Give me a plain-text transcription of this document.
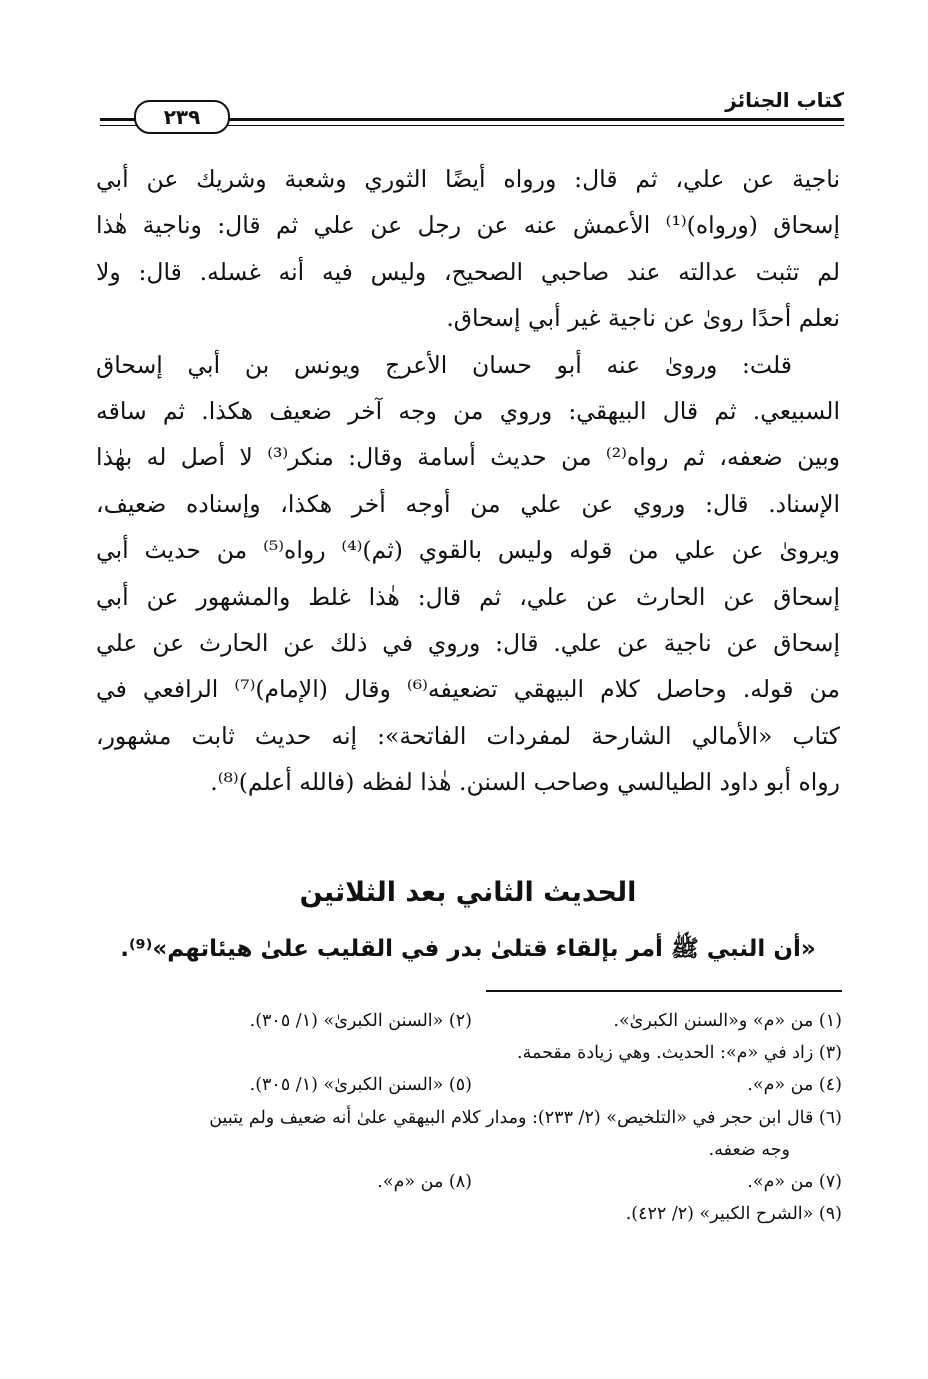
كتاب الجنائز
٢٣٩
ناجية عن علي، ثم قال: ورواه أيضًا الثوري وشعبة وشريك عن أبي
إسحاق (ورواه)⁽¹⁾ الأعمش عنه عن رجل عن علي ثم قال: وناجية هٰذا
لم تثبت عدالته عند صاحبي الصحيح، وليس فيه أنه غسله. قال: ولا
نعلم أحدًا روىٰ عن ناجية غير أبي إسحاق.
قلت: وروىٰ عنه أبو حسان الأعرج ويونس بن أبي إسحاق
السبيعي. ثم قال البيهقي: وروي من وجه آخر ضعيف هكذا. ثم ساقه
وبين ضعفه، ثم رواه⁽²⁾ من حديث أسامة وقال: منكر⁽³⁾ لا أصل له بهٰذا
الإسناد. قال: وروي عن علي من أوجه أخر هكذا، وإسناده ضعيف،
ويروىٰ عن علي من قوله وليس بالقوي (ثم)⁽⁴⁾ رواه⁽⁵⁾ من حديث أبي
إسحاق عن الحارث عن علي، ثم قال: هٰذا غلط والمشهور عن أبي
إسحاق عن ناجية عن علي. قال: وروي في ذلك عن الحارث عن علي
من قوله. وحاصل كلام البيهقي تضعيفه⁽⁶⁾ وقال (الإمام)⁽⁷⁾ الرافعي في
كتاب «الأمالي الشارحة لمفردات الفاتحة»: إنه حديث ثابت مشهور،
رواه أبو داود الطيالسي وصاحب السنن. هٰذا لفظه (فالله أعلم)⁽⁸⁾.
الحديث الثاني بعد الثلاثين
«أن النبي ﷺ أمر بإلقاء قتلىٰ بدر في القليب علىٰ هيئاتهم»⁽⁹⁾.
(١) من «م» و«السنن الكبرىٰ».
(٢) «السنن الكبرىٰ» (١/ ٣٠٥).
(٣) زاد في «م»: الحديث. وهي زيادة مقحمة.
(٤) من «م».
(٥) «السنن الكبرىٰ» (١/ ٣٠٥).
(٦) قال ابن حجر في «التلخيص» (٢/ ٢٣٣): ومدار كلام البيهقي علىٰ أنه ضعيف ولم يتبين
وجه ضعفه.
(٧) من «م».
(٨) من «م».
(٩) «الشرح الكبير» (٢/ ٤٢٢).
